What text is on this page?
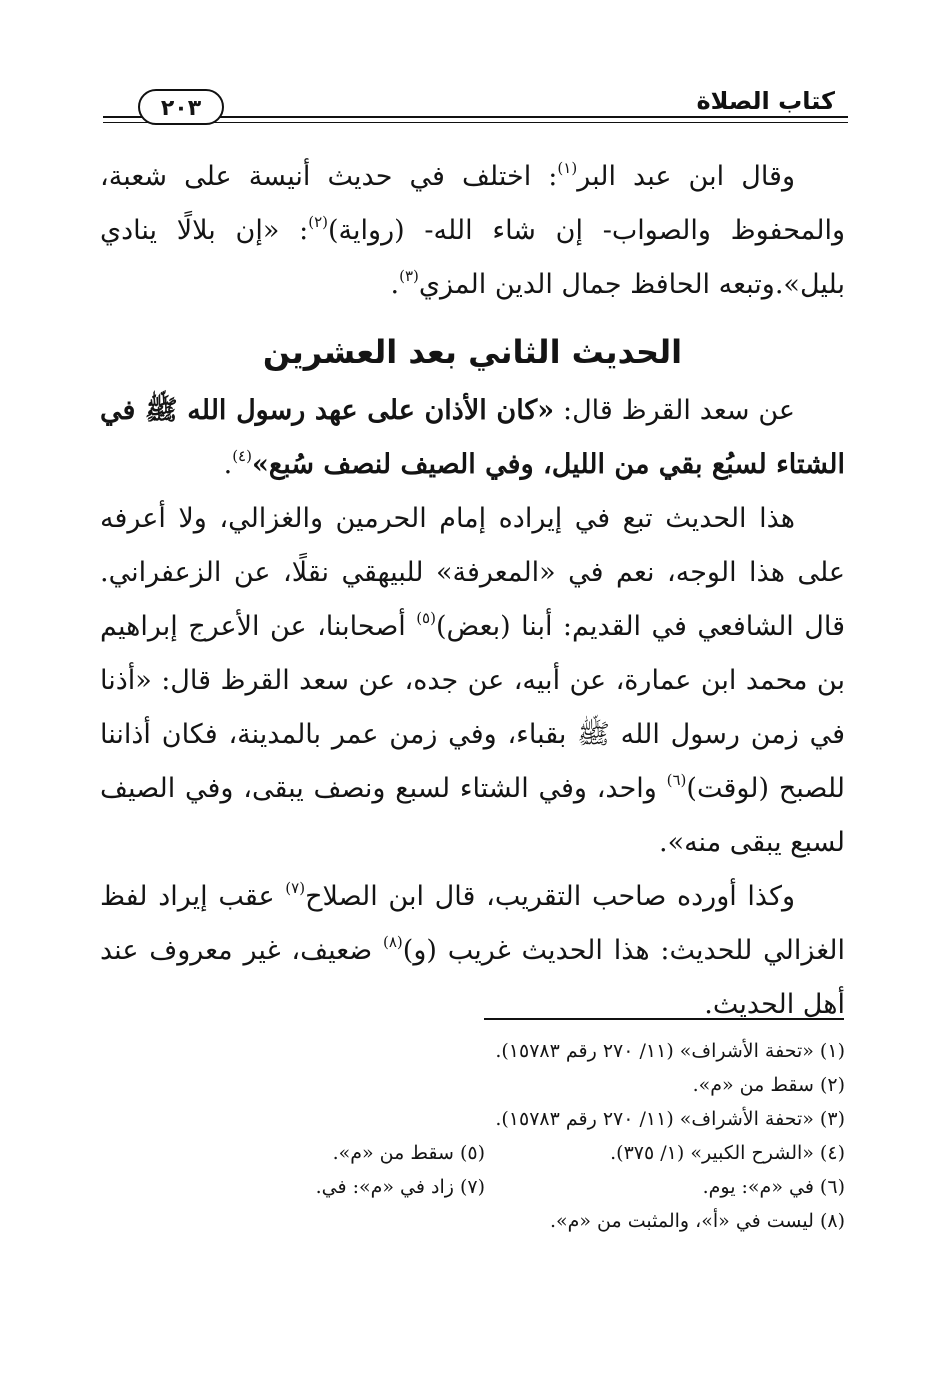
كتاب الصلاة
٢٠٣

وقال ابن عبد البر$^{(١)}$: اختلف في حديث أنيسة على شعبة، والمحفوظ والصواب- إن شاء الله- (رواية)$^{(٢)}$: «إن بلالًا ينادي بليل».وتبعه الحافظ جمال الدين المزي$^{(٣)}$.

الحديث الثاني بعد العشرين

عن سعد القرظ قال: «كان الأذان على عهد رسول الله ﷺ في الشتاء لسبُع بقي من الليل، وفي الصيف لنصف سُبع»$^{(٤)}$.

هذا الحديث تبع في إيراده إمام الحرمين والغزالي، ولا أعرفه على هذا الوجه، نعم في «المعرفة» للبيهقي نقلًا، عن الزعفراني. قال الشافعي في القديم: أبنا (بعض)$^{(٥)}$ أصحابنا، عن الأعرج إبراهيم بن محمد ابن عمارة، عن أبيه، عن جده، عن سعد القرظ قال: «أذنا في زمن رسول الله ﷺ بقباء، وفي زمن عمر بالمدينة، فكان أذاننا للصبح (لوقت)$^{(٦)}$ واحد، وفي الشتاء لسبع ونصف يبقى، وفي الصيف لسبع يبقى منه».

وكذا أورده صاحب التقريب، قال ابن الصلاح$^{(٧)}$ عقب إيراد لفظ الغزالي للحديث: هذا الحديث غريب (و)$^{(٨)}$ ضعيف، غير معروف عند أهل الحديث.

(١) «تحفة الأشراف» (١١/ ٢٧٠ رقم ١٥٧٨٣).
(٢) سقط من «م».
(٣) «تحفة الأشراف» (١١/ ٢٧٠ رقم ١٥٧٨٣).
(٤) «الشرح الكبير» (١/ ٣٧٥).
(٥) سقط من «م».
(٦) في «م»: يوم.
(٧) زاد في «م»: في.
(٨) ليست في «أ»، والمثبت من «م».
